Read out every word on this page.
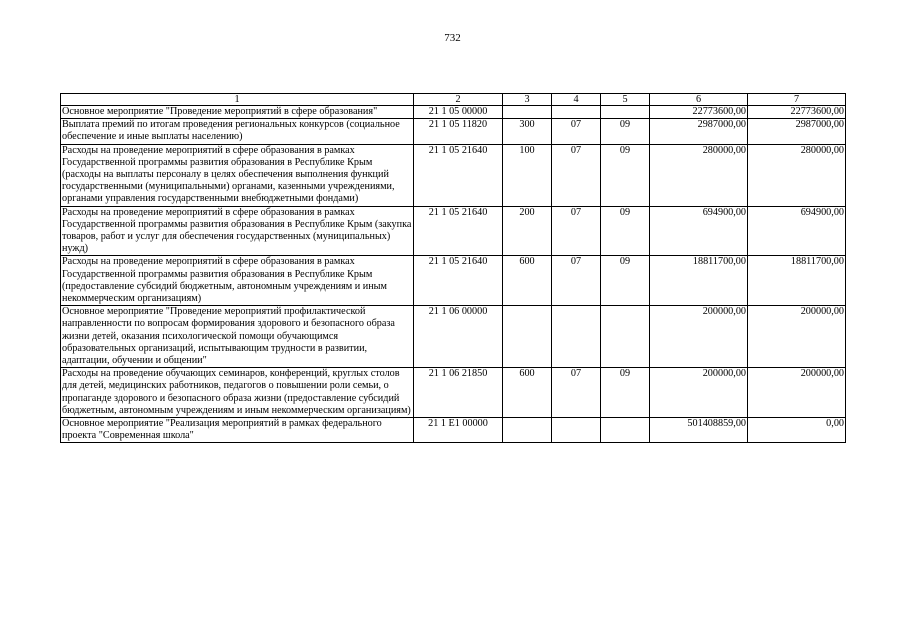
732
1	2	3	4	5	6	7
Основное мероприятие "Проведение мероприятий в сфере образования"	21 1 05 00000				22773600,00	22773600,00
Выплата премий по итогам проведения региональных конкурсов (социальное обеспечение и иные выплаты населению)	21 1 05 11820	300	07	09	2987000,00	2987000,00
Расходы на проведение мероприятий в сфере образования в рамках Государственной программы развития образования в Республике Крым (расходы на выплаты персоналу в целях обеспечения выполнения функций государственными (муниципальными) органами, казенными учреждениями, органами управления государственными внебюджетными фондами)	21 1 05 21640	100	07	09	280000,00	280000,00
Расходы на проведение мероприятий в сфере образования в рамках Государственной программы развития образования в Республике Крым (закупка товаров, работ и услуг для обеспечения государственных (муниципальных) нужд)	21 1 05 21640	200	07	09	694900,00	694900,00
Расходы на проведение мероприятий в сфере образования в рамках Государственной программы развития образования в Республике Крым (предоставление субсидий бюджетным, автономным учреждениям и иным некоммерческим организациям)	21 1 05 21640	600	07	09	18811700,00	18811700,00
Основное мероприятие "Проведение мероприятий профилактической направленности по вопросам формирования здорового и безопасного образа жизни детей, оказания психологической помощи обучающимся образовательных организаций, испытывающим трудности в развитии, адаптации, обучении и общении"	21 1 06 00000				200000,00	200000,00
Расходы на проведение обучающих семинаров, конференций, круглых столов для детей, медицинских работников, педагогов о повышении роли семьи, о пропаганде здорового и безопасного образа жизни (предоставление субсидий бюджетным, автономным учреждениям и иным некоммерческим организациям)	21 1 06 21850	600	07	09	200000,00	200000,00
Основное мероприятие "Реализация мероприятий в рамках федерального проекта "Современная школа"	21 1 E1 00000				501408859,00	0,00
